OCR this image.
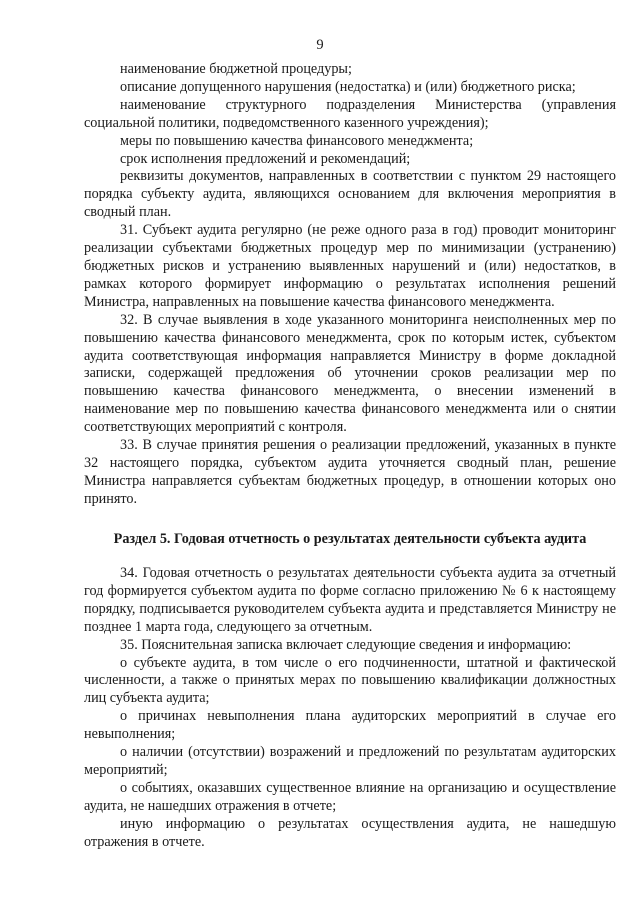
9

наименование бюджетной процедуры;

описание допущенного нарушения (недостатка) и (или) бюджетного риска;

наименование структурного подразделения Министерства (управления социальной политики, подведомственного казенного учреждения);

меры по повышению качества финансового менеджмента;

срок исполнения предложений и рекомендаций;

реквизиты документов, направленных в соответствии с пунктом 29 настоящего порядка субъекту аудита, являющихся основанием для включения мероприятия в сводный план.

31. Субъект аудита регулярно (не реже одного раза в год) проводит мониторинг реализации субъектами бюджетных процедур мер по минимизации (устранению) бюджетных рисков и устранению выявленных нарушений и (или) недостатков, в рамках которого формирует информацию о результатах исполнения решений Министра, направленных на повышение качества финансового менеджмента.

32. В случае выявления в ходе указанного мониторинга неисполненных мер по повышению качества финансового менеджмента, срок по которым истек, субъектом аудита соответствующая информация направляется Министру в форме докладной записки, содержащей предложения об уточнении сроков реализации мер по повышению качества финансового менеджмента, о внесении изменений в наименование мер по повышению качества финансового менеджмента или о снятии соответствующих мероприятий с контроля.

33. В случае принятия решения о реализации предложений, указанных в пункте 32 настоящего порядка, субъектом аудита уточняется сводный план, решение Министра направляется субъектам бюджетных процедур, в отношении которых оно принято.

Раздел 5. Годовая отчетность о результатах деятельности субъекта аудита

34. Годовая отчетность о результатах деятельности субъекта аудита за отчетный год формируется субъектом аудита по форме согласно приложению № 6 к настоящему порядку, подписывается руководителем субъекта аудита и представляется Министру не позднее 1 марта года, следующего за отчетным.

35. Пояснительная записка включает следующие сведения и информацию:

о субъекте аудита, в том числе о его подчиненности, штатной и фактической численности, а также о принятых мерах по повышению квалификации должностных лиц субъекта аудита;

о причинах невыполнения плана аудиторских мероприятий в случае его невыполнения;

о наличии (отсутствии) возражений и предложений по результатам аудиторских мероприятий;

о событиях, оказавших существенное влияние на организацию и осуществление аудита, не нашедших отражения в отчете;

иную информацию о результатах осуществления аудита, не нашедшую отражения в отчете.
